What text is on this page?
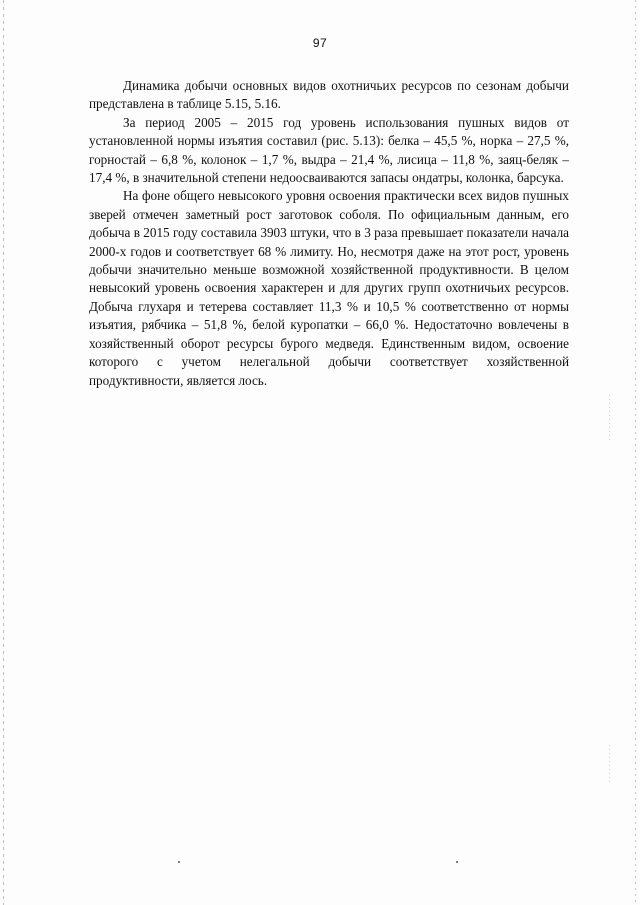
97

Динамика добычи основных видов охотничьих ресурсов по сезонам добычи представлена в таблице 5.15, 5.16.

За период 2005 – 2015 год уровень использования пушных видов от установленной нормы изъятия составил (рис. 5.13): белка – 45,5 %, норка – 27,5 %, горностай – 6,8 %, колонок – 1,7 %, выдра – 21,4 %, лисица – 11,8 %, заяц-беляк – 17,4 %, в значительной степени недоосваиваются запасы ондатры, колонка, барсука.

На фоне общего невысокого уровня освоения практически всех видов пушных зверей отмечен заметный рост заготовок соболя. По официальным данным, его добыча в 2015 году составила 3903 штуки, что в 3 раза превышает показатели начала 2000-х годов и соответствует 68 % лимиту. Но, несмотря даже на этот рост, уровень добычи значительно меньше возможной хозяйственной продуктивности. В целом невысокий уровень освоения характерен и для других групп охотничьих ресурсов. Добыча глухаря и тетерева составляет 11,3 % и 10,5 % соответственно от нормы изъятия, рябчика – 51,8 %, белой куропатки – 66,0 %. Недостаточно вовлечены в хозяйственный оборот ресурсы бурого медведя. Единственным видом, освоение которого с учетом нелегальной добычи соответствует хозяйственной продуктивности, является лось.
